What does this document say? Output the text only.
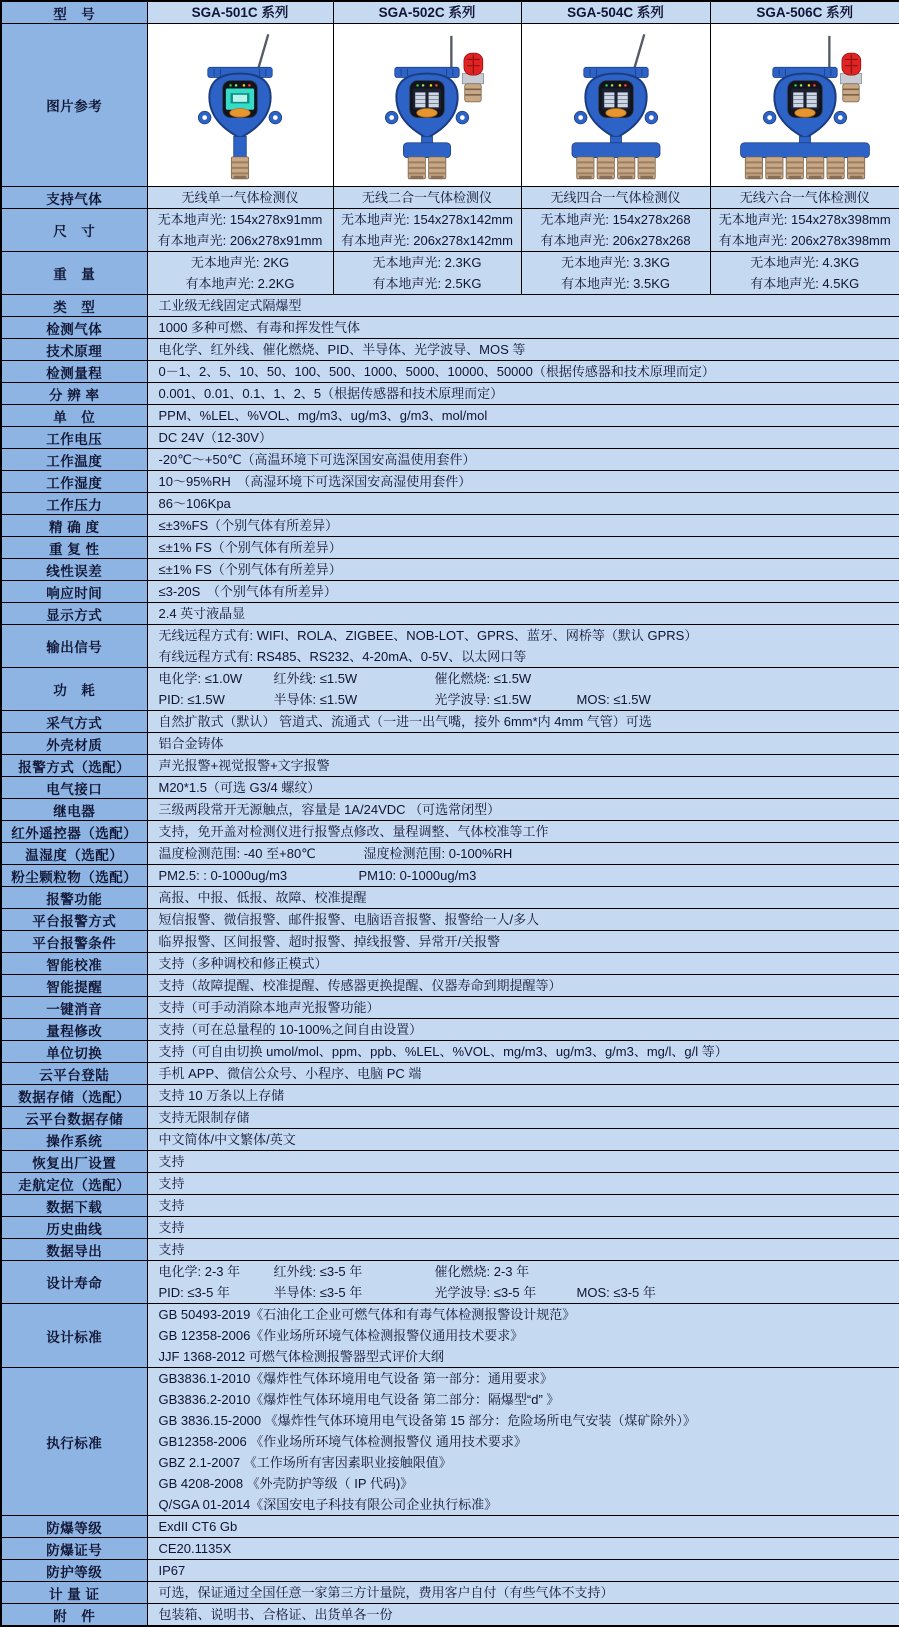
型　号	SGA-501C 系列	SGA-502C 系列	SGA-504C 系列	SGA-506C 系列

图片参考	

支持气体	无线单一气体检测仪	无线二合一气体检测仪	无线四合一气体检测仪	无线六合一气体检测仪

尺　寸	
无本地声光: 154x278x91mm
有本地声光: 206x278x91mm

无本地声光: 154x278x142mm
有本地声光: 206x278x142mm

无本地声光: 154x278x268
有本地声光: 206x278x268

无本地声光: 154x278x398mm
有本地声光: 206x278x398mm

重　量	
无本地声光: 2KG
有本地声光: 2.2KG

无本地声光: 2.3KG
有本地声光: 2.5KG

无本地声光: 3.3KG
有本地声光: 3.5KG

无本地声光: 4.3KG
有本地声光: 4.5KG

类　型	工业级无线固定式隔爆型			

检测气体	1000 多种可燃、有毒和挥发性气体			

技术原理	电化学、红外线、催化燃烧、PID、半导体、光学波导、MOS 等			

检测量程	0－1、2、5、10、50、100、500、1000、5000、10000、50000（根据传感器和技术原理而定）			

分 辨 率	0.001、0.01、0.1、1、2、5（根据传感器和技术原理而定）			

单　位	PPM、%LEL、%VOL、mg/m3、ug/m3、g/m3、mol/mol			

工作电压	DC 24V（12-30V）			

工作温度	-20℃～+50℃（高温环境下可选深国安高温使用套件）			

工作湿度	10～95%RH　（高湿环境下可选深国安高湿使用套件）			

工作压力	86～106Kpa			

精 确 度	≤±3%FS（个别气体有所差异）			

重 复 性	≤±1% FS（个别气体有所差异）			

线性误差	≤±1% FS（个别气体有所差异）			

响应时间	≤3-20S　（个别气体有所差异）			

显示方式	2.4 英寸液晶显			

输出信号	无线远程方式有: WIFI、ROLA、ZIGBEE、NOB-LOT、GPRS、蓝牙、网桥等（默认 GPRS）
有线远程方式有: RS485、RS232、4-20mA、0-5V、以太网口等			

功　耗	电化学: ≤1.0W 红外线: ≤1.5W 催化燃烧: ≤1.5W
PID: ≤1.5W 半导体: ≤1.5W 光学波导: ≤1.5W MOS: ≤1.5W			

采气方式	自然扩散式（默认） 管道式、流通式（一进一出气嘴，接外 6mm*内 4mm 气管）可选			

外壳材质	铝合金铸体			

报警方式（选配）	声光报警+视觉报警+文字报警			

电气接口	M20*1.5（可选 G3/4 螺纹）			

继电器	三级两段常开无源触点，容量是 1A/24VDC （可选常闭型）			

红外遥控器（选配）	支持，免开盖对检测仪进行报警点修改、量程调整、气体校准等工作			

温湿度（选配）	温度检测范围: -40 至+80℃ 湿度检测范围: 0-100%RH			

粉尘颗粒物（选配）	PM2.5: : 0-1000ug/m3 PM10: 0-1000ug/m3			

报警功能	高报、中报、低报、故障、校准提醒			

平台报警方式	短信报警、微信报警、邮件报警、电脑语音报警、报警给一人/多人			

平台报警条件	临界报警、区间报警、超时报警、掉线报警、异常开/关报警			

智能校准	支持（多种调校和修正模式）			

智能提醒	支持（故障提醒、校准提醒、传感器更换提醒、仪器寿命到期提醒等）			

一键消音	支持（可手动消除本地声光报警功能）			

量程修改	支持（可在总量程的 10-100%之间自由设置）			

单位切换	支持（可自由切换 umol/mol、ppm、ppb、%LEL、%VOL、mg/m3、ug/m3、g/m3、mg/l、g/l 等）			

云平台登陆	手机 APP、微信公众号、小程序、电脑 PC 端			

数据存储（选配）	支持 10 万条以上存储			

云平台数据存储	支持无限制存储			

操作系统	中文简体/中文繁体/英文			

恢复出厂设置	支持			

走航定位（选配）	支持			

数据下载	支持			

历史曲线	支持			

数据导出	支持			

设计寿命	电化学: 2-3 年 红外线: ≤3-5 年 催化燃烧: 2-3 年
PID: ≤3-5 年 半导体: ≤3-5 年 光学波导: ≤3-5 年 MOS: ≤3-5 年			

设计标准	GB 50493-2019《石油化工企业可燃气体和有毒气体检测报警设计规范》
GB 12358-2006《作业场所环境气体检测报警仪通用技术要求》
JJF 1368-2012 可燃气体检测报警器型式评价大纲			

执行标准	
GB3836.1-2010《爆炸性气体环境用电气设备 第一部分：通用要求》
GB3836.2-2010《爆炸性气体环境用电气设备 第二部分：隔爆型“d” 》
GB 3836.15-2000 《爆炸性气体环境用电气设备第 15 部分：危险场所电气安装（煤矿除外）》
GB12358-2006 《作业场所环境气体检测报警仪 通用技术要求》
GBZ 2.1-2007 《工作场所有害因素职业接触限值》
GB 4208-2008 《外壳防护等级（ IP 代码)》
Q/SGA 01-2014《深国安电子科技有限公司企业执行标准》

防爆等级	ExdII CT6 Gb			

防爆证号	CE20.1135X			

防护等级	IP67			

计 量 证	可选，保证通过全国任意一家第三方计量院，费用客户自付（有些气体不支持）			

附　件	包装箱、说明书、合格证、出货单各一份			
